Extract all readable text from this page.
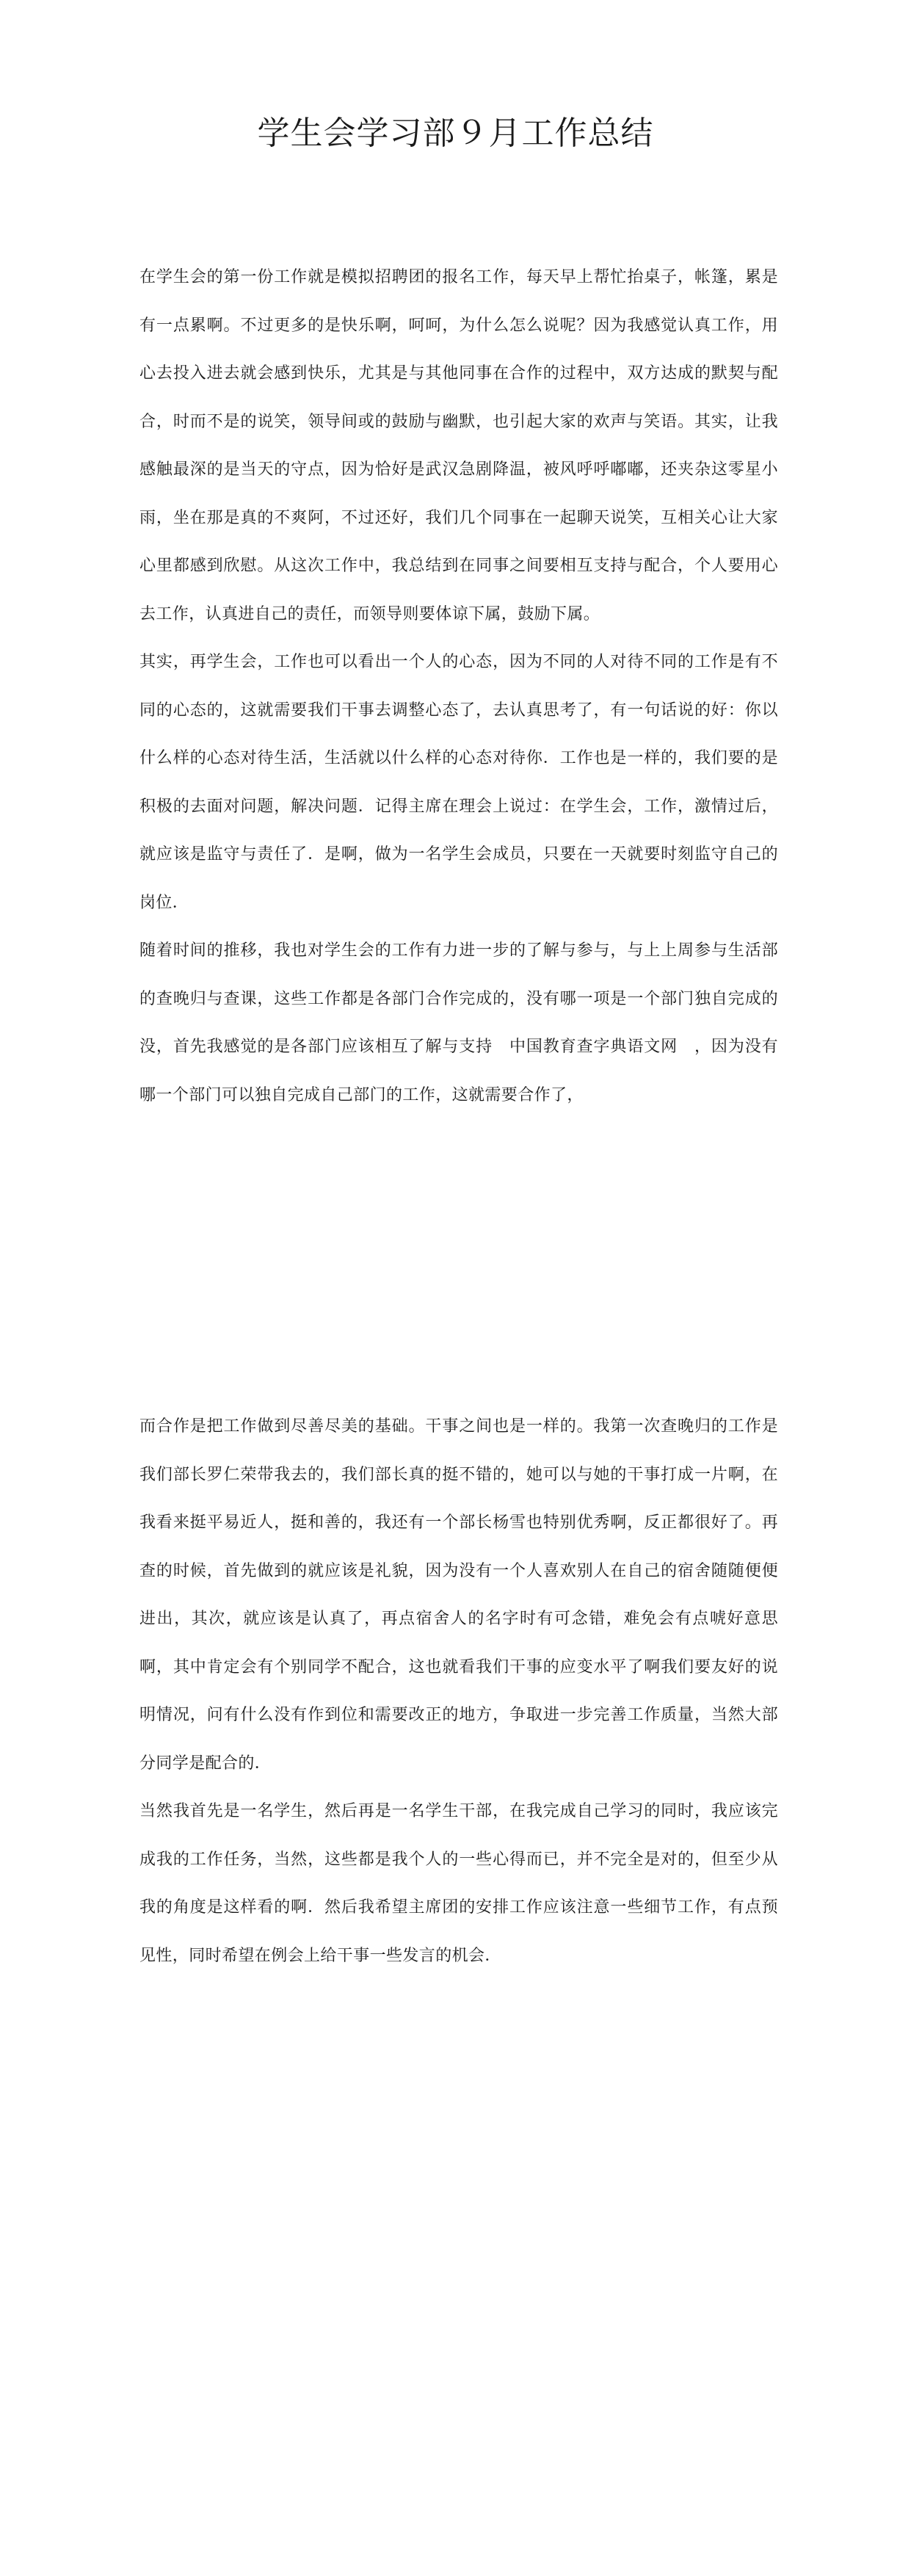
学生会学习部９月工作总结

在学生会的第一份工作就是模拟招聘团的报名工作，每天早上帮忙抬桌子，帐篷，累是有一点累啊。不过更多的是快乐啊，呵呵，为什么怎么说呢？因为我感觉认真工作，用心去投入进去就会感到快乐，尤其是与其他同事在合作的过程中，双方达成的默契与配合，时而不是的说笑，领导间或的鼓励与幽默，也引起大家的欢声与笑语。其实，让我感触最深的是当天的守点，因为恰好是武汉急剧降温，被风呼呼嘟嘟，还夹杂这零星小雨，坐在那是真的不爽阿，不过还好，我们几个同事在一起聊天说笑，互相关心让大家心里都感到欣慰。从这次工作中，我总结到在同事之间要相互支持与配合，个人要用心去工作，认真进自己的责任，而领导则要体谅下属，鼓励下属。

其实，再学生会，工作也可以看出一个人的心态，因为不同的人对待不同的工作是有不同的心态的，这就需要我们干事去调整心态了，去认真思考了，有一句话说的好：你以什么样的心态对待生活，生活就以什么样的心态对待你．工作也是一样的，我们要的是积极的去面对问题，解决问题．记得主席在理会上说过：在学生会，工作，激情过后，就应该是监守与责任了．是啊，做为一名学生会成员，只要在一天就要时刻监守自己的岗位．

随着时间的推移，我也对学生会的工作有力进一步的了解与参与，与上上周参与生活部的查晚归与查课，这些工作都是各部门合作完成的，没有哪一项是一个部门独自完成的没，首先我感觉的是各部门应该相互了解与支持　中国教育查字典语文网　，因为没有哪一个部门可以独自完成自己部门的工作，这就需要合作了，

而合作是把工作做到尽善尽美的基础。干事之间也是一样的。我第一次查晚归的工作是我们部长罗仁荣带我去的，我们部长真的挺不错的，她可以与她的干事打成一片啊，在我看来挺平易近人，挺和善的，我还有一个部长杨雪也特别优秀啊，反正都很好了。再查的时候，首先做到的就应该是礼貌，因为没有一个人喜欢别人在自己的宿舍随随便便进出，其次，就应该是认真了，再点宿舍人的名字时有可念错，难免会有点唬好意思啊，其中肯定会有个别同学不配合，这也就看我们干事的应变水平了啊我们要友好的说明情况，问有什么没有作到位和需要改正的地方，争取进一步完善工作质量，当然大部分同学是配合的．

当然我首先是一名学生，然后再是一名学生干部，在我完成自己学习的同时，我应该完成我的工作任务，当然，这些都是我个人的一些心得而已，并不完全是对的，但至少从我的角度是这样看的啊．然后我希望主席团的安排工作应该注意一些细节工作，有点预见性，同时希望在例会上给干事一些发言的机会．
